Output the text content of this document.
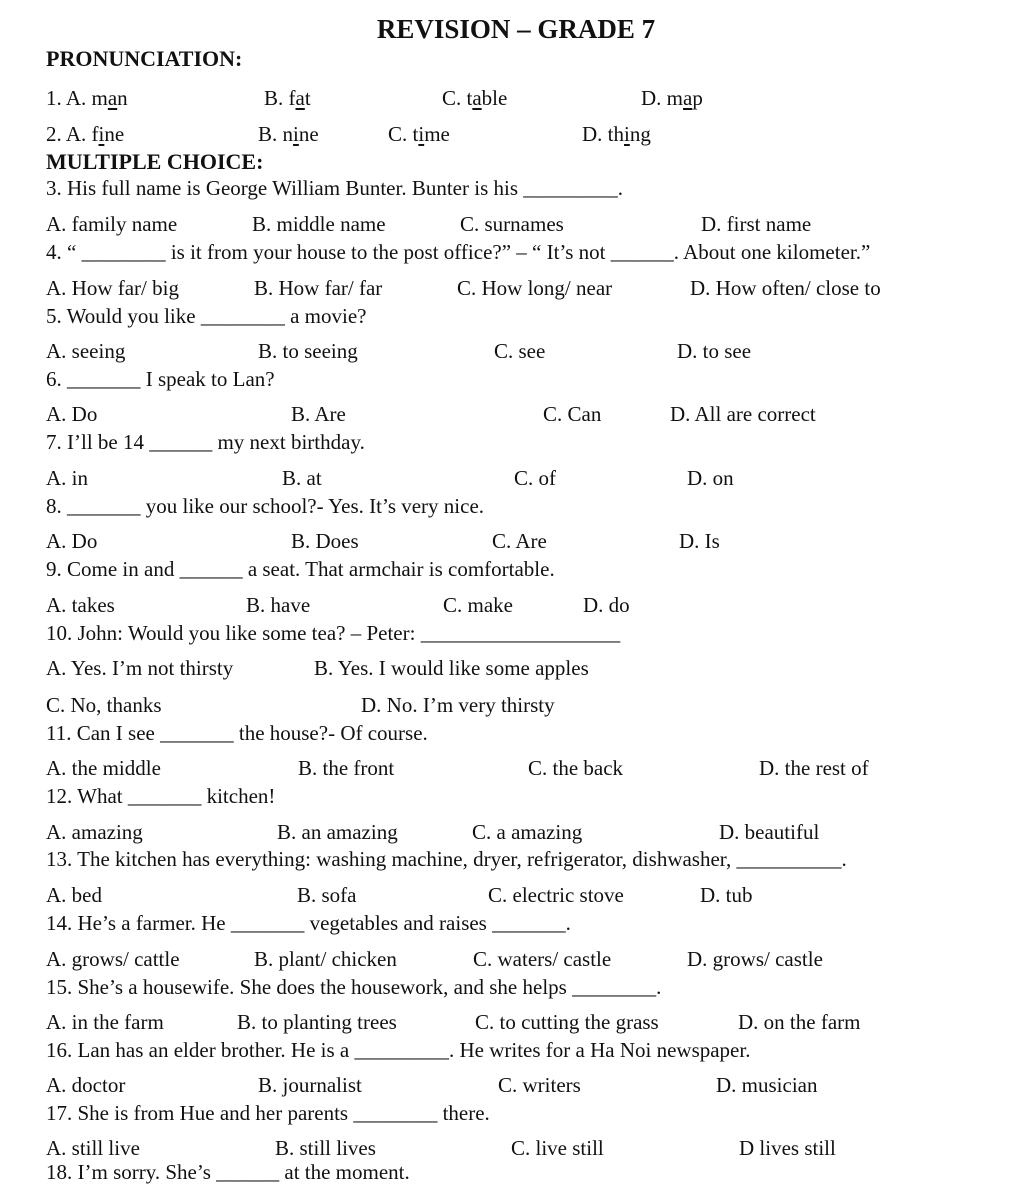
REVISION – GRADE 7
PRONUNCIATION:
1. A. man	B. fat	C. table	D. map
2. A. fine	B. nine	C. time	D. thing
MULTIPLE CHOICE:
3. His full name is George William Bunter. Bunter is his _________.
A. family name	B. middle name	C. surnames	D. first name
4. “ ________ is it from your house to the post office?” – “ It’s not ______. About one kilometer.”
A. How far/ big	B. How far/ far	C. How long/ near	D. How often/ close to
5. Would you like ________ a movie?
A. seeing	B. to seeing	C. see	D. to see
6. _______ I speak to Lan?
A. Do	B. Are	C. Can	D. All are correct
7. I’ll be 14 ______ my next birthday.
A. in	B. at	C. of	D. on
8. _______ you like our school?- Yes. It’s very nice.
A. Do	B. Does	C. Are	D. Is
9. Come in and ______ a seat. That armchair is comfortable.
A. takes	B. have	C. make	D. do
10. John: Would you like some tea? – Peter: ___________________
A. Yes. I’m not thirsty	B. Yes. I would like some apples
C. No, thanks	D. No. I’m very thirsty
11. Can I see _______ the house?- Of course.
A. the middle	B. the front	C. the back	D. the rest of
12. What _______ kitchen!
A. amazing	B. an amazing	C. a amazing	D. beautiful
13. The kitchen has everything: washing machine, dryer, refrigerator, dishwasher, __________.
A. bed	B. sofa	C. electric stove	D. tub
14. He’s a farmer. He _______ vegetables and raises _______.
A. grows/ cattle	B. plant/ chicken	C. waters/ castle	D. grows/ castle
15. She’s a housewife. She does the housework, and she helps ________.
A. in the farm	B. to planting trees	C. to cutting the grass	D. on the farm
16. Lan has an elder brother. He is a _________. He writes for a Ha Noi newspaper.
A. doctor	B. journalist	C. writers	D. musician
17. She is from Hue and her parents ________ there.
A. still live	B. still lives	C. live still	D lives still
18. I’m sorry. She’s ______ at the moment.
